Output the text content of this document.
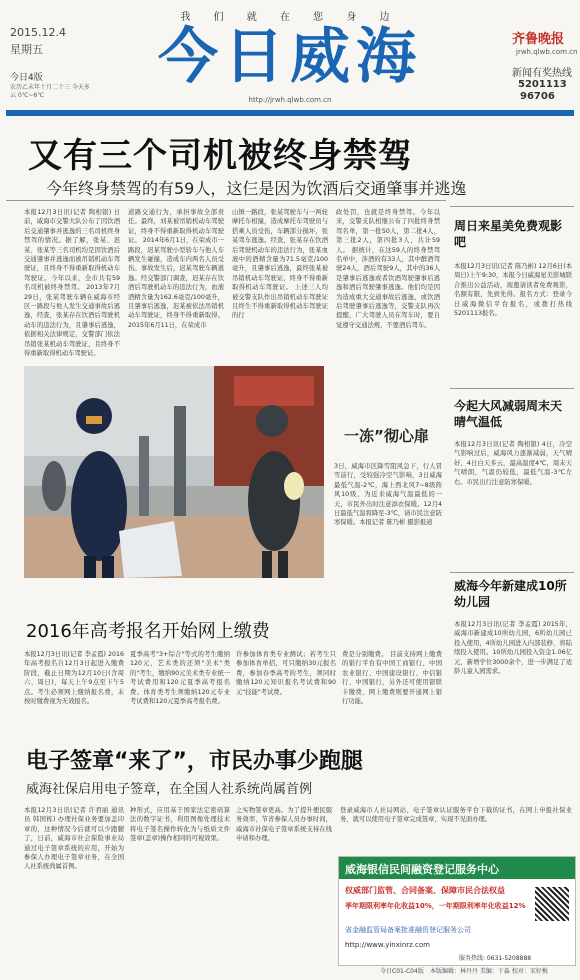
我 们 就 在 您 身 边
2015.12.4
星期五
今日4版
农历乙未年十月二十三 今天多云 0℃~6℃
今日威海
http://jrwh.qlwb.com.cn
齐鲁晚报
jrwh.qlwb.com.cn
新闻有奖热线
5201113
96706
又有三个司机被终身禁驾
今年终身禁驾的有59人，这仨是因为饮酒后交通肇事并逃逸
本报12月3日讯(记者 陶相银) 日前，威海市交警大队公布了因饮酒后交通肇事并逃逸的三名司机终身禁驾的情况。据了解，张某、迟某、张某等三名司机均是因饮酒后交通肇事并逃逸而被吊销机动车驾驶证，且终身不得重新取得机动车驾驶证。今年以来，全市共有59名司机被终身禁驾。 2013年7月29日，张某驾驶车辆在威海市经区一路段与他人发生交通事故后逃逸，经查，张某存在饮酒后驾驶机动车的违法行为，且肇事后逃逸，依据相关法律规定，交警部门依法吊销张某机动车驾驶证，且终身不得重新取得机动车驾驶证。
道路交通行为，承担事故全部责任。最终，刘某被吊销机动车驾驶证，终身不得重新取得机动车驾驶证。 2014年6月1日，在荣成市一路段，迟某驾驶小型轿车与他人车辆发生碰撞，造成车内两名人员受伤。事故发生后，迟某驾驶车辆逃逸。经交警部门调查，迟某存在饮酒后驾驶机动车的违法行为，血液酒精含量为162.6毫克/100毫升，且肇事后逃逸，迟某被依法吊销机动车驾驶证，终身不得重新取得。 2015年6月11日，在荣成市
山镇一路段，张某驾驶车与一两轮摩托车相撞，造成摩托车驾驶员与搭乘人员受伤，车辆部分损坏，张某驾车逃逸。经查，张某存在饮酒后驾驶机动车的违法行为，张某血液中的酒精含量为71.5毫克/100毫升，且肇事后逃逸，最终张某被吊销机动车驾驶证，终身不得重新取得机动车驾驶证。 上述三人均被交警支队作出吊销机动车驾驶证且终生不得重新取得机动车驾驶证的行
政处罚，也就是终身禁驾。今年以来，交警支队相继公布了四批终身禁驾名单，第一批50人，第二批4人，第三批2人，第四批3人，共计59人。 据统计，在这59人的终身禁驾名单中，涉酒的有33人，其中醉酒驾驶24人，酒后驾驶9人，其中的36人是肇事后逃逸或者饮酒驾驶肇事后逃逸和酒后驾驶肇事逃逸。他们均是因为造成重大交通事故后逃逸，或饮酒后驾驶肇事后逃逸等，交警支队再次提醒，广大驾驶人员在驾车时，要自觉遵守交通法规，不要酒后驾车。
一冻”彻心扉
3日，威海市区降雪阻风急下，行人冒雪前行，受较强冷空气影响，3日威海最低气温-2℃，海上西北风7~8级阵风10级，为近来威海气温最低的一天，市民外出时注意添衣保暖。12月4日最低气温将降至-3℃，请市民注意防寒保暖。本报记者 陈乃彬 摄影报道
周日来星美免费观影吧
本报12月3日讯(记者 陈乃彬) 12月6日(本周日)上午9:30，本报今日威海星美影城联合推出公益活动，现邀请读者免费观影，名额有限，先到先得。报名方式：登录今日威海微信平台报名，或拨打热线5201113报名。
今起大风减弱周末天晴气温低
本报12月3日讯(记者 陶相银) 4日，冷空气影响过后，威海风力逐渐减弱，天气晴好，4日白天多云，最高温度4℃，周末天气晴朗，气温仍较低，最低气温-3℃左右。市民出行注意防寒保暖。
威海今年新建成10所幼儿园
本报12月3日讯(记者 李孟霞) 2015年，威海市新建成10所幼儿园，6所幼儿园已投入使用，4所幼儿园进入内部装修、将陆续投入使用。10所幼儿园投入资金1.06亿元，新增学位3000余个，进一步满足了适龄儿童入园需求。
2016年高考报名开始网上缴费
本报12月3日讯(记者 李孟霞) 2016年高考报名自12月3日起进入缴费阶段，截止日期为12月10日(含周六、周日)，每天上午9点至下午5点。考生必须网上缴纳报名费，未按时缴费视为无效报名。
夏季高考"3+综合"等式的考生缴纳120元，艺术类的还须"美术"类的"考生，缴纳90元美术类专业统一考试费用和120元夏季高考报名费。体育类考生须缴纳120元专业考试费和120元夏季高考报名费。
许参加体育类专业测试；若考生只参加体育单招，可只缴纳30元报名费，参加春季高考的考生，须同时缴纳120元知识报名考试费和90元"技能"考试费。
费是分别缴费。 目前支持网上缴费的银行平台有中国工商银行、中国农业银行、中国建设银行、中信银行、中国银行，另外还可使用银联卡缴费，网上缴费则要开通网上银行功能。
电子签章“来了”，市民办事少跑腿
威海社保启用电子签章，在全国人社系统尚属首例
本报12月3日讯(记者 许君丽 通讯员 韩国栋) 办理社保业务要加盖印章的，这种情况今后就可以少跑腿了，日前，威海市社会保险事业局通过电子签章系统的应用，开始为参保人办理电子签章业务，在全国人社系统尚属首例。
种形式，应用基于国家法定密码算法的数字证书，利用图像处理技术将电子签名操作转化为与纸质文件签章(盖章)操作相同的可视效果。
之实物签章更高。为了提升便民服务效率，节省参保人员办事时间，威海市社保电子签章系统支持在线申请和办理。
登录威海市人社局网站、电子签章认证服务平台下载的证书，在网上申报社保业务，就可以使用电子签章完成签章，实现不见面办理。
威海银信民间融资登记服务中心
权威部门监管、合同备案、保障市民合法权益
季年期限利率年化收益10%，一年期限利率年化收益12%
省金融监管局备案批准融资登记服务公司
http://www.yinxinrz.com
服务热线: 0631-5208888
今日C01-C04版 本版编辑：林丹丹 美编：于淼 校对：宋好梅
